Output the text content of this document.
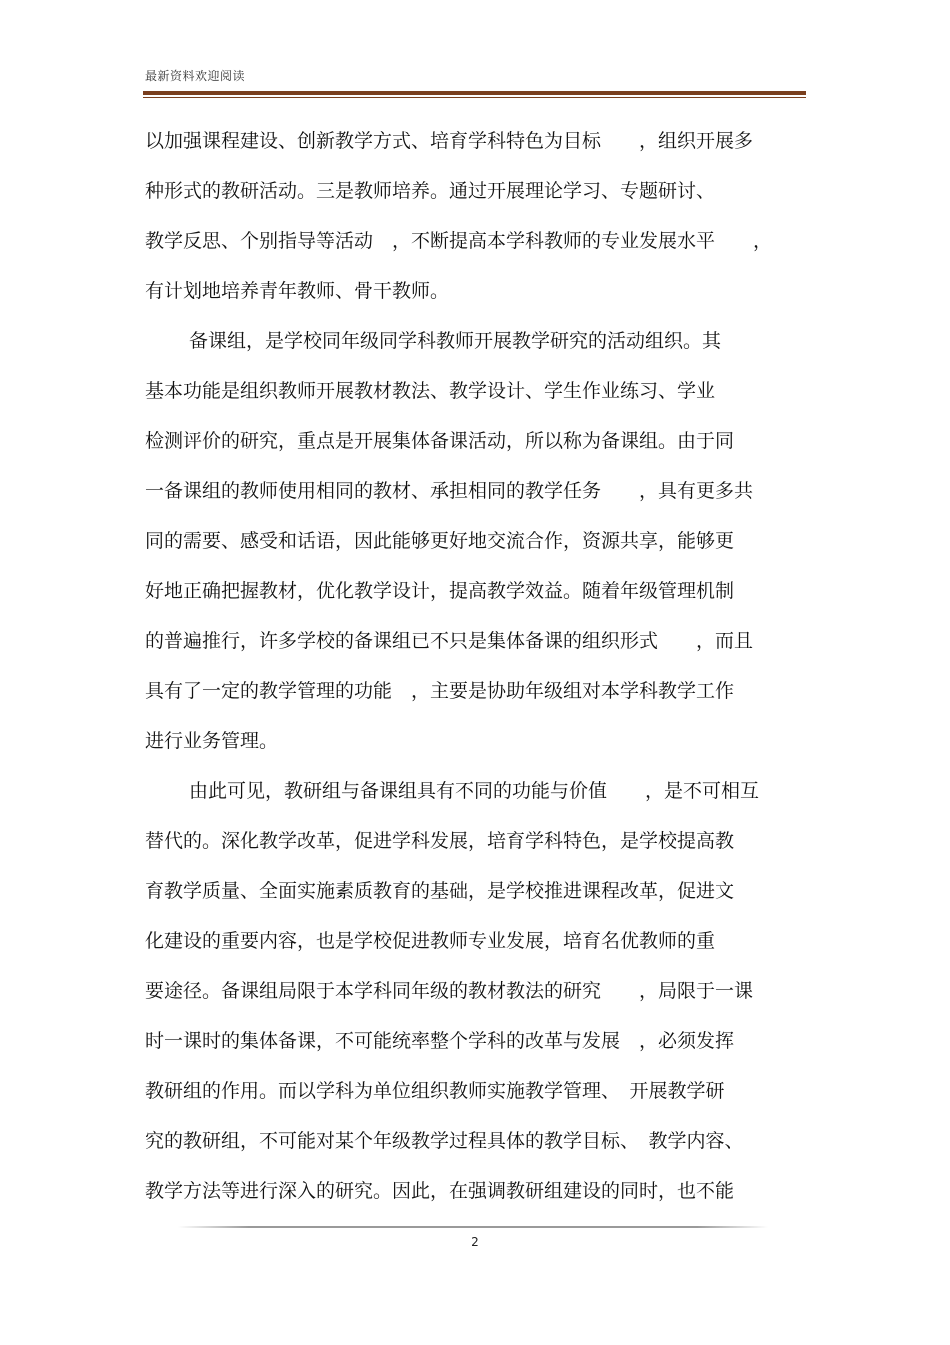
最新资料欢迎阅读
以加强课程建设、创新教学方式、培育学科特色为目标　　，组织开展多
种形式的教研活动。三是教师培养。通过开展理论学习、专题研讨、
教学反思、个别指导等活动　，不断提高本学科教师的专业发展水平　　，
有计划地培养青年教师、骨干教师。
备课组，是学校同年级同学科教师开展教学研究的活动组织。其
基本功能是组织教师开展教材教法、教学设计、学生作业练习、学业
检测评价的研究，重点是开展集体备课活动，所以称为备课组。由于同
一备课组的教师使用相同的教材、承担相同的教学任务　　，具有更多共
同的需要、感受和话语，因此能够更好地交流合作，资源共享，能够更
好地正确把握教材，优化教学设计，提高教学效益。随着年级管理机制
的普遍推行，许多学校的备课组已不只是集体备课的组织形式　　，而且
具有了一定的教学管理的功能　，主要是协助年级组对本学科教学工作
进行业务管理。
由此可见，教研组与备课组具有不同的功能与价值　　，是不可相互
替代的。深化教学改革，促进学科发展，培育学科特色，是学校提高教
育教学质量、全面实施素质教育的基础，是学校推进课程改革，促进文
化建设的重要内容，也是学校促进教师专业发展，培育名优教师的重
要途径。备课组局限于本学科同年级的教材教法的研究　　，局限于一课
时一课时的集体备课，不可能统率整个学科的改革与发展　，必须发挥
教研组的作用。而以学科为单位组织教师实施教学管理、　开展教学研
究的教研组，不可能对某个年级教学过程具体的教学目标、　教学内容、
教学方法等进行深入的研究。因此，在强调教研组建设的同时，也不能
2
